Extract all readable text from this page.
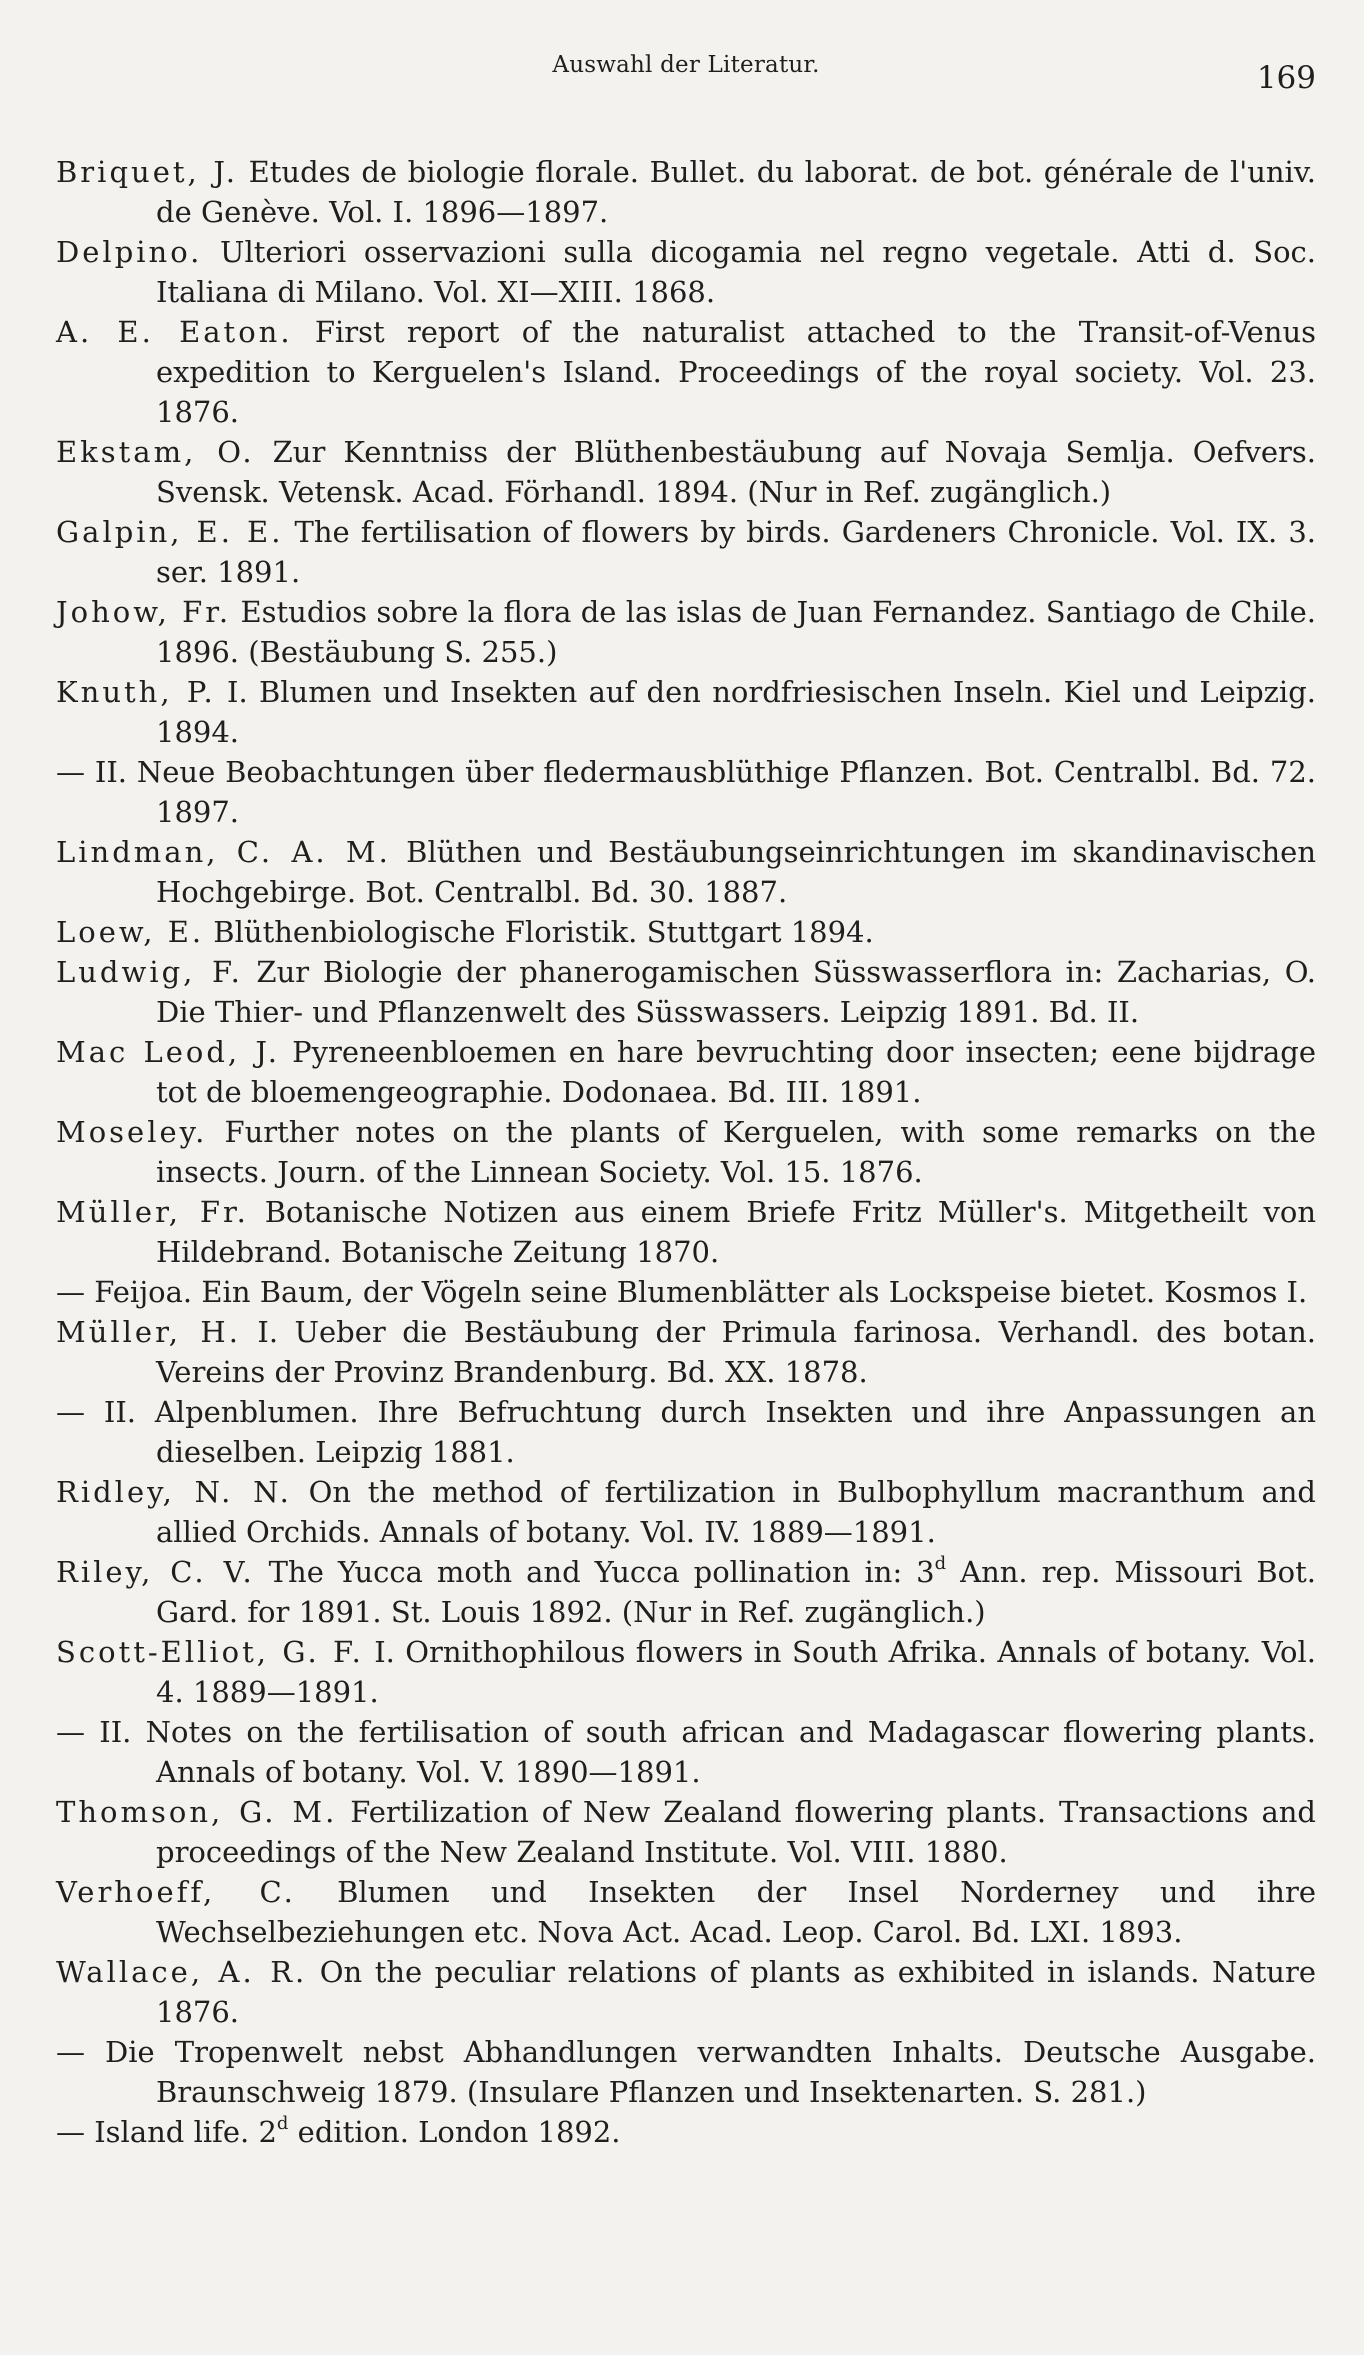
Auswahl der Literatur.	169

Briquet, J. Etudes de biologie florale. Bullet. du laborat. de bot. générale de l'univ. de Genève. Vol. I. 1896—1897.

Delpino. Ulteriori osservazioni sulla dicogamia nel regno vegetale. Atti d. Soc. Italiana di Milano. Vol. XI—XIII. 1868.

A. E. Eaton. First report of the naturalist attached to the Transit-of-Venus expedition to Kerguelen's Island. Proceedings of the royal society. Vol. 23. 1876.

Ekstam, O. Zur Kenntniss der Blüthenbestäubung auf Novaja Semlja. Oefvers. Svensk. Vetensk. Acad. Förhandl. 1894. (Nur in Ref. zugänglich.)

Galpin, E. E. The fertilisation of flowers by birds. Gardeners Chronicle. Vol. IX. 3. ser. 1891.

Johow, Fr. Estudios sobre la flora de las islas de Juan Fernandez. Santiago de Chile. 1896. (Bestäubung S. 255.)

Knuth, P. I. Blumen und Insekten auf den nordfriesischen Inseln. Kiel und Leipzig. 1894.

— II. Neue Beobachtungen über fledermausblüthige Pflanzen. Bot. Centralbl. Bd. 72. 1897.

Lindman, C. A. M. Blüthen und Bestäubungseinrichtungen im skandinavischen Hochgebirge. Bot. Centralbl. Bd. 30. 1887.

Loew, E. Blüthenbiologische Floristik. Stuttgart 1894.

Ludwig, F. Zur Biologie der phanerogamischen Süsswasserflora in: Zacharias, O. Die Thier- und Pflanzenwelt des Süsswassers. Leipzig 1891. Bd. II.

Mac Leod, J. Pyreneenbloemen en hare bevruchting door insecten; eene bijdrage tot de bloemengeographie. Dodonaea. Bd. III. 1891.

Moseley. Further notes on the plants of Kerguelen, with some remarks on the insects. Journ. of the Linnean Society. Vol. 15. 1876.

Müller, Fr. Botanische Notizen aus einem Briefe Fritz Müller's. Mitgetheilt von Hildebrand. Botanische Zeitung 1870.

— Feijoa. Ein Baum, der Vögeln seine Blumenblätter als Lockspeise bietet. Kosmos I.

Müller, H. I. Ueber die Bestäubung der Primula farinosa. Verhandl. des botan. Vereins der Provinz Brandenburg. Bd. XX. 1878.

— II. Alpenblumen. Ihre Befruchtung durch Insekten und ihre Anpassungen an dieselben. Leipzig 1881.

Ridley, N. N. On the method of fertilization in Bulbophyllum macranthum and allied Orchids. Annals of botany. Vol. IV. 1889—1891.

Riley, C. V. The Yucca moth and Yucca pollination in: 3$^d$ Ann. rep. Missouri Bot. Gard. for 1891. St. Louis 1892. (Nur in Ref. zugänglich.)

Scott-Elliot, G. F. I. Ornithophilous flowers in South Afrika. Annals of botany. Vol. 4. 1889—1891.

— II. Notes on the fertilisation of south african and Madagascar flowering plants. Annals of botany. Vol. V. 1890—1891.

Thomson, G. M. Fertilization of New Zealand flowering plants. Transactions and proceedings of the New Zealand Institute. Vol. VIII. 1880.

Verhoeff, C. Blumen und Insekten der Insel Norderney und ihre Wechselbeziehungen etc. Nova Act. Acad. Leop. Carol. Bd. LXI. 1893.

Wallace, A. R. On the peculiar relations of plants as exhibited in islands. Nature 1876.

— Die Tropenwelt nebst Abhandlungen verwandten Inhalts. Deutsche Ausgabe. Braunschweig 1879. (Insulare Pflanzen und Insektenarten. S. 281.)

— Island life. 2$^d$ edition. London 1892.
